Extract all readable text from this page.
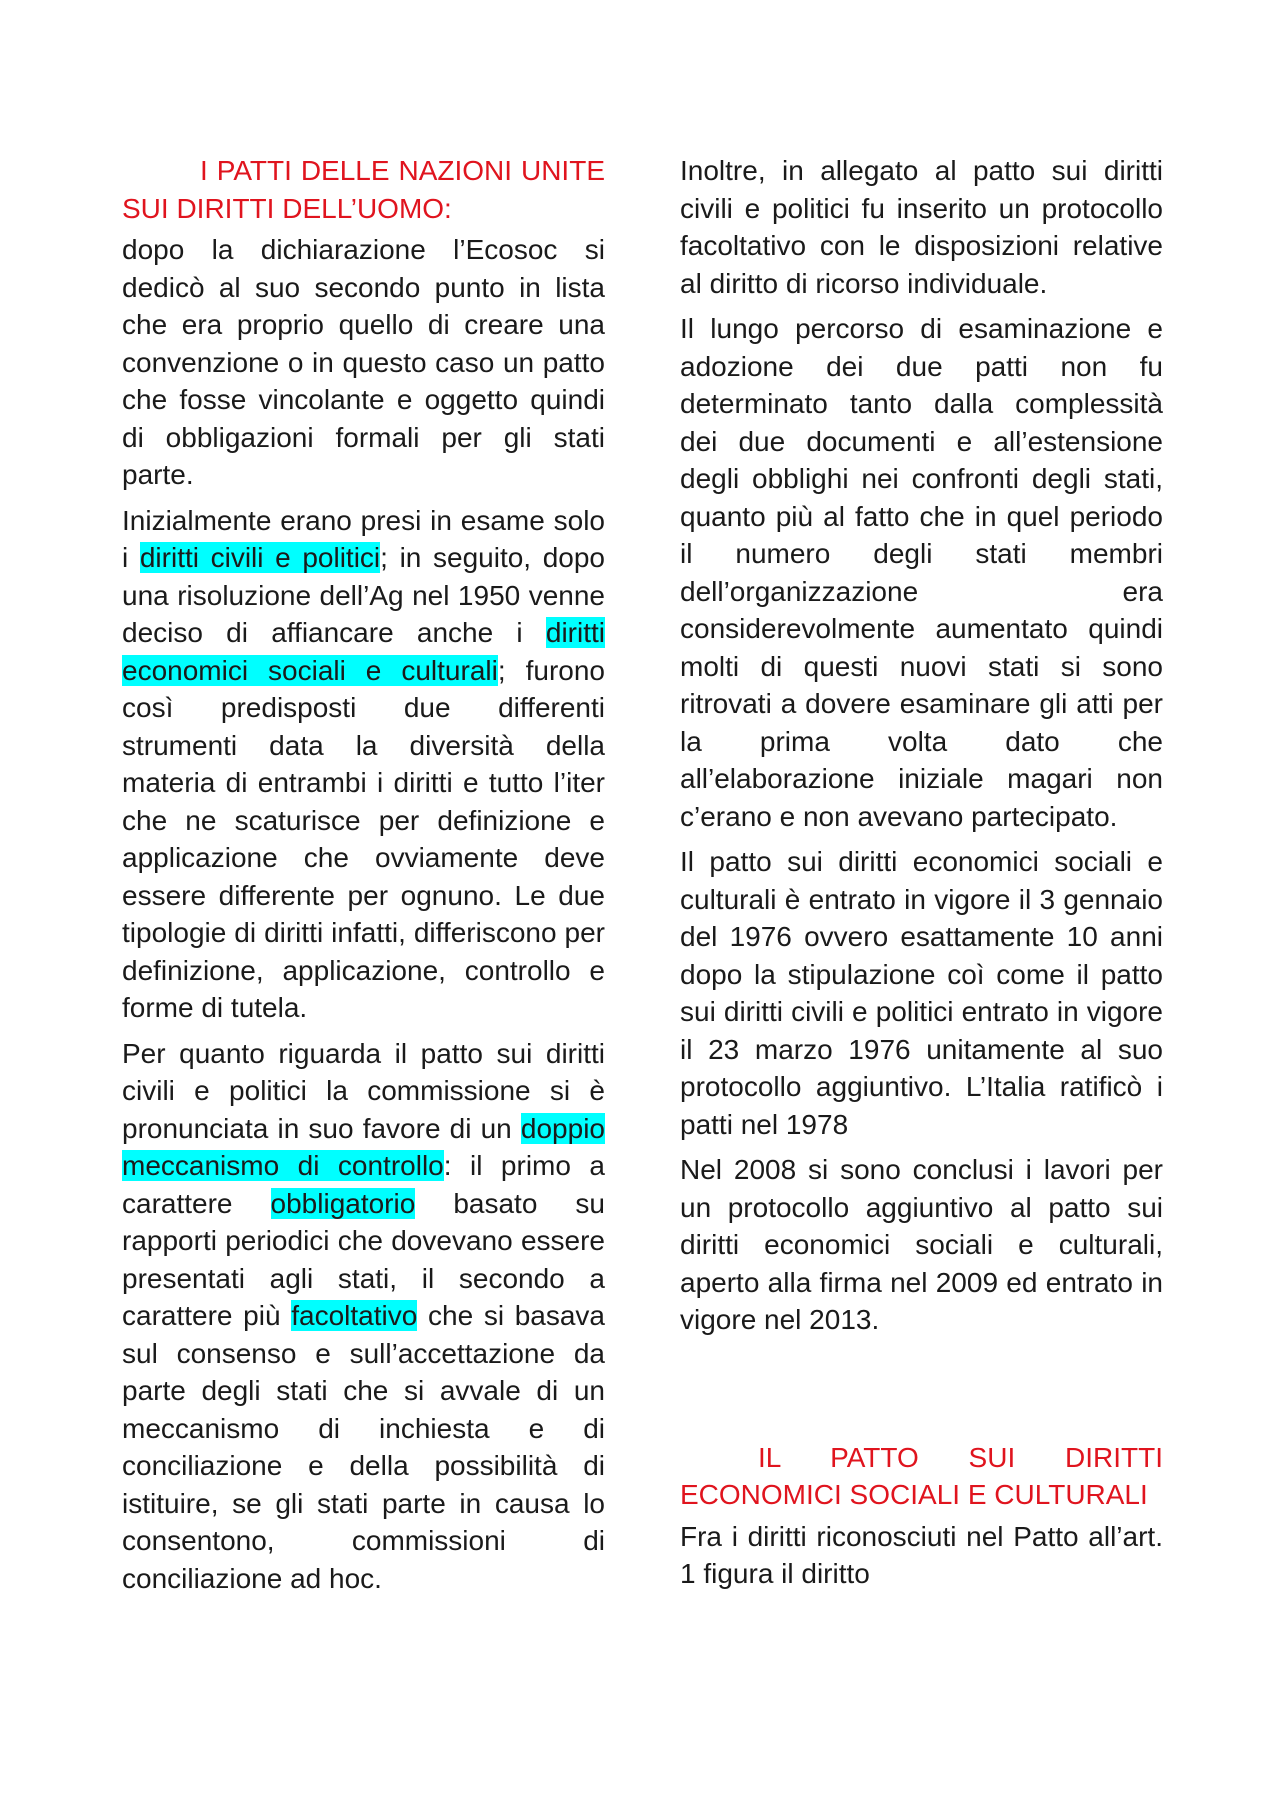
I PATTI DELLE NAZIONI UNITE SUI DIRITTI DELL’UOMO:

dopo la dichiarazione l’Ecosoc si dedicò al suo secondo punto in lista che era proprio quello di creare una convenzione o in questo caso un patto che fosse vincolante e oggetto quindi di obbligazioni formali per gli stati parte.

Inizialmente erano presi in esame solo i diritti civili e politici; in seguito, dopo una risoluzione dell’Ag nel 1950 venne deciso di affiancare anche i diritti economici sociali e culturali; furono così predisposti due differenti strumenti data la diversità della materia di entrambi i diritti e tutto l’iter che ne scaturisce per definizione e applicazione che ovviamente deve essere differente per ognuno. Le due tipologie di diritti infatti, differiscono per definizione, applicazione, controllo e forme di tutela.

Per quanto riguarda il patto sui diritti civili e politici la commissione si è pronunciata in suo favore di un doppio meccanismo di controllo: il primo a carattere obbligatorio basato su rapporti periodici che dovevano essere presentati agli stati, il secondo a carattere più facoltativo che si basava sul consenso e sull’accettazione da parte degli stati che si avvale di un meccanismo di inchiesta e di conciliazione e della possibilità di istituire, se gli stati parte in causa lo consentono, commissioni di conciliazione ad hoc.

Inoltre, in allegato al patto sui diritti civili e politici fu inserito un protocollo facoltativo con le disposizioni relative al diritto di ricorso individuale.

Il lungo percorso di esaminazione e adozione dei due patti non fu determinato tanto dalla complessità dei due documenti e all’estensione degli obblighi nei confronti degli stati, quanto più al fatto che in quel periodo il numero degli stati membri dell’organizzazione era considerevolmente aumentato quindi molti di questi nuovi stati si sono ritrovati a dovere esaminare gli atti per la prima volta dato che all’elaborazione iniziale magari non c’erano e non avevano partecipato.

Il patto sui diritti economici sociali e culturali è entrato in vigore il 3 gennaio del 1976 ovvero esattamente 10 anni dopo la stipulazione coì come il patto sui diritti civili e politici entrato in vigore il 23 marzo 1976 unitamente al suo protocollo aggiuntivo. L’Italia ratificò i patti nel 1978

Nel 2008 si sono conclusi i lavori per un protocollo aggiuntivo al patto sui diritti economici sociali e culturali, aperto alla firma nel 2009 ed entrato in vigore nel 2013.

IL PATTO SUI DIRITTI ECONOMICI SOCIALI E CULTURALI

Fra i diritti riconosciuti nel Patto all’art. 1 figura il diritto
